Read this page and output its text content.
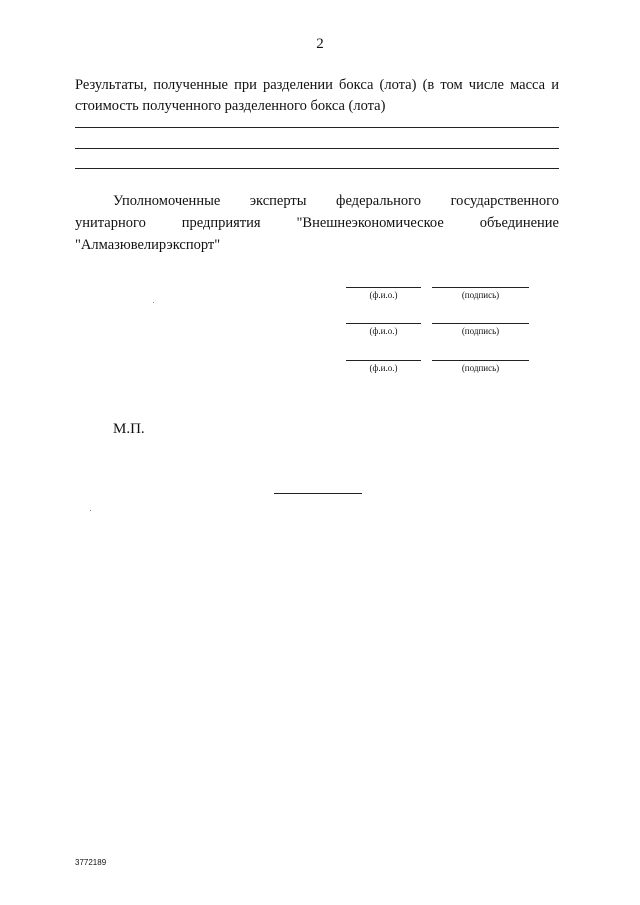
2
Результаты, полученные при разделении бокса (лота) (в том числе масса и стоимость полученного разделенного бокса (лота)
Уполномоченные эксперты федерального государственного
унитарного предприятия "Внешнеэкономическое объединение
"Алмазювелирэкспорт"
(ф.и.о.)	(подпись)
(ф.и.о.)	(подпись)
(ф.и.о.)	(подпись)
М.П.
3772189
